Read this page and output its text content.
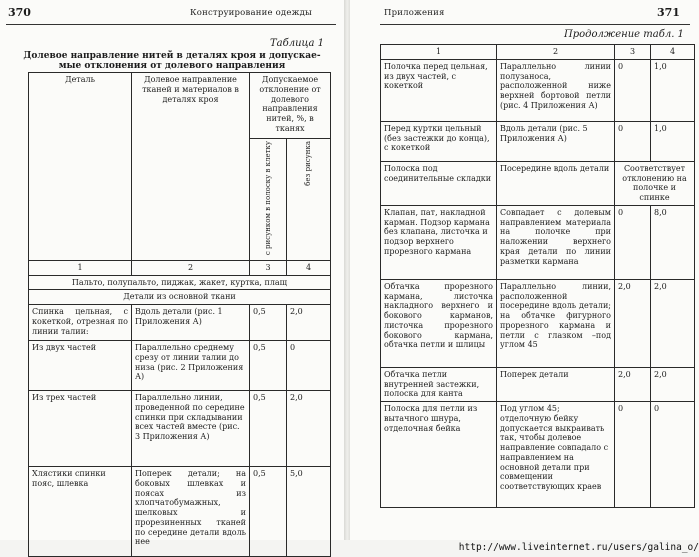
370	Конструирование одежды
Таблица 1
Долевое направление нитей в деталях кроя и допускае-
мые отклонения от долевого направления
Деталь	Долевое направление тканей и материалов в деталях кроя	Допускаемое отклонение от долевого направления нитей, %, в тканях	
		с рисунком в полоску в клетку	без рисунка
1	2	3	4
Пальто, полупальто, пиджак, жакет, куртка, плащ			
Детали из основной ткани			
Спинка цельная, с кокеткой, отрезная по линии талии:	Вдоль детали (рис. 1 Приложения А)	0,5	2,0
Из двух частей	Параллельно среднему срезу от линии талии до низа (рис. 2 Приложения А)	0,5	0
Из трех частей	Параллельно линии, проведенной по середине спинки при складывании всех частей вместе (рис. 3 Приложения А)	0,5	2,0
Хлястики спинки пояс, шлевка	Поперек детали; на боковых шлевках и поясах из хлопчатобумажных, шелковых и прорезиненных тканей по середине детали вдоль нее	0,5	5,0
Приложения	371
Продолжение табл. 1
1	2	3	4
Полочка перед цельная, из двух частей, с кокеткой	Параллельно линии полузаноса, расположенной ниже верхней бортовой петли (рис. 4 Приложения А)	0	1,0
Перед куртки цельный (без застежки до конца), с кокеткой	Вдоль детали (рис. 5 Приложения А)	0	1,0
Полоска под соединительные складки	Посередине вдоль детали	Соответствует отклонению на полочке и спинке	
Клапан, пат, накладной карман. Подзор кармана без клапана, листочка и подзор верхнего прорезного кармана	Совпадает с долевым направлением материала на полочке при наложении верхнего края детали по линии разметки кармана	0	8,0
Обтачка прорезного кармана, листочка накладного верхнего и бокового карманов, листочка прорезного бокового кармана, обтачка петли и шлицы	Параллельно линии, расположенной посередине вдоль детали; на обтачке фигурного прорезного кармана и петли с глазком –под углом 45	2,0	2,0
Обтачка петли внутренней застежки, полоска для канта	Поперек детали	2,0	2,0
Полоска для петли из вытачного шнура, отделочная бейка	Под углом 45; отделочную бейку допускается выкраивать так, чтобы долевое направление совпадало с направлением на основной детали при совмещении соответствующих краев	0	0
http://www.liveinternet.ru/users/galina_o/
